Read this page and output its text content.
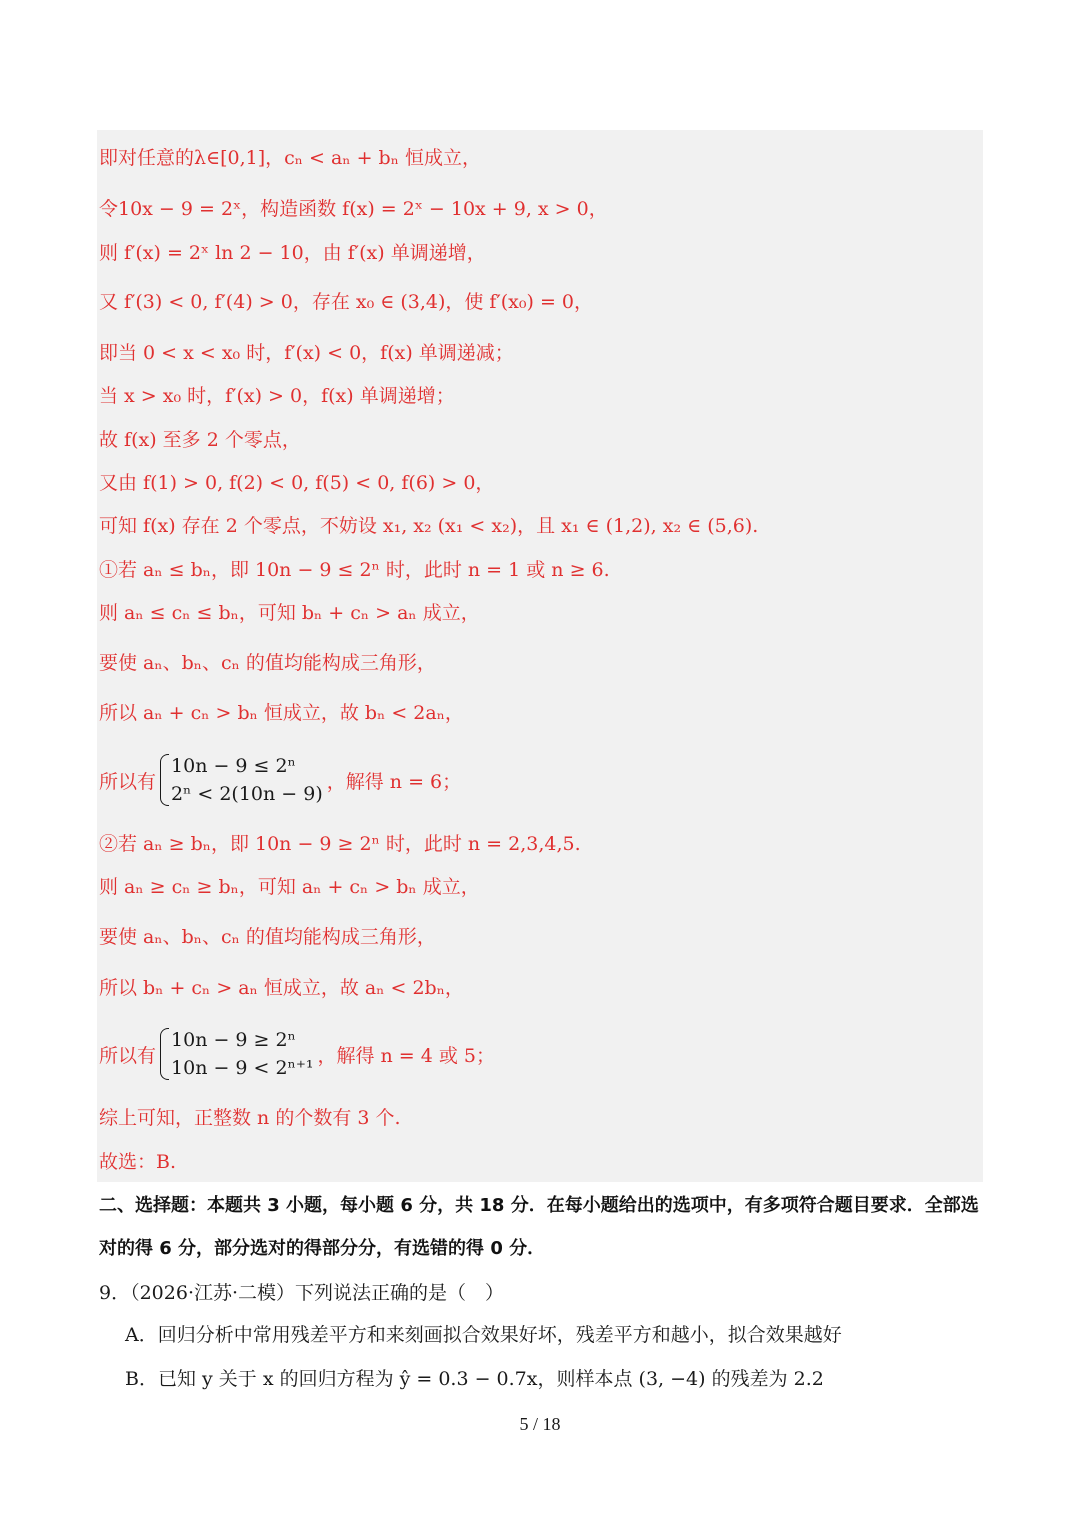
即对任意的λ∈[0,1]，cₙ < aₙ + bₙ 恒成立，
令10x − 9 = 2ˣ，构造函数 f(x) = 2ˣ − 10x + 9, x > 0，
则 f′(x) = 2ˣ ln 2 − 10，由 f′(x) 单调递增，
又 f′(3) < 0, f′(4) > 0，存在 x₀ ∈ (3,4)，使 f′(x₀) = 0，
即当 0 < x < x₀ 时，f′(x) < 0，f(x) 单调递减；
当 x > x₀ 时，f′(x) > 0，f(x) 单调递增；
故 f(x) 至多 2 个零点，
又由 f(1) > 0, f(2) < 0, f(5) < 0, f(6) > 0，
可知 f(x) 存在 2 个零点，不妨设 x₁, x₂ (x₁ < x₂)，且 x₁ ∈ (1,2), x₂ ∈ (5,6).
①若 aₙ ≤ bₙ，即 10n − 9 ≤ 2ⁿ 时，此时 n = 1 或 n ≥ 6.
则 aₙ ≤ cₙ ≤ bₙ，可知 bₙ + cₙ > aₙ 成立，
要使 aₙ、bₙ、cₙ 的值均能构成三角形，
所以 aₙ + cₙ > bₙ 恒成立，故 bₙ < 2aₙ，
所以有
10n − 9 ≤ 2ⁿ
2ⁿ < 2(10n − 9)
，解得 n = 6；
②若 aₙ ≥ bₙ，即 10n − 9 ≥ 2ⁿ 时，此时 n = 2,3,4,5.
则 aₙ ≥ cₙ ≥ bₙ，可知 aₙ + cₙ > bₙ 成立，
要使 aₙ、bₙ、cₙ 的值均能构成三角形，
所以 bₙ + cₙ > aₙ 恒成立，故 aₙ < 2bₙ，
所以有
10n − 9 ≥ 2ⁿ
10n − 9 < 2ⁿ⁺¹
，解得 n = 4 或 5；
综上可知，正整数 n 的个数有 3 个.
故选：B.
二、选择题：本题共 3 小题，每小题 6 分，共 18 分．在每小题给出的选项中，有多项符合题目要求．全部选对的得 6 分，部分选对的得部分分，有选错的得 0 分．
9．（2026·江苏·二模）下列说法正确的是（　）
A．回归分析中常用残差平方和来刻画拟合效果好坏，残差平方和越小，拟合效果越好
B．已知 y 关于 x 的回归方程为 ŷ = 0.3 − 0.7x，则样本点 (3, −4) 的残差为 2.2
5 / 18
